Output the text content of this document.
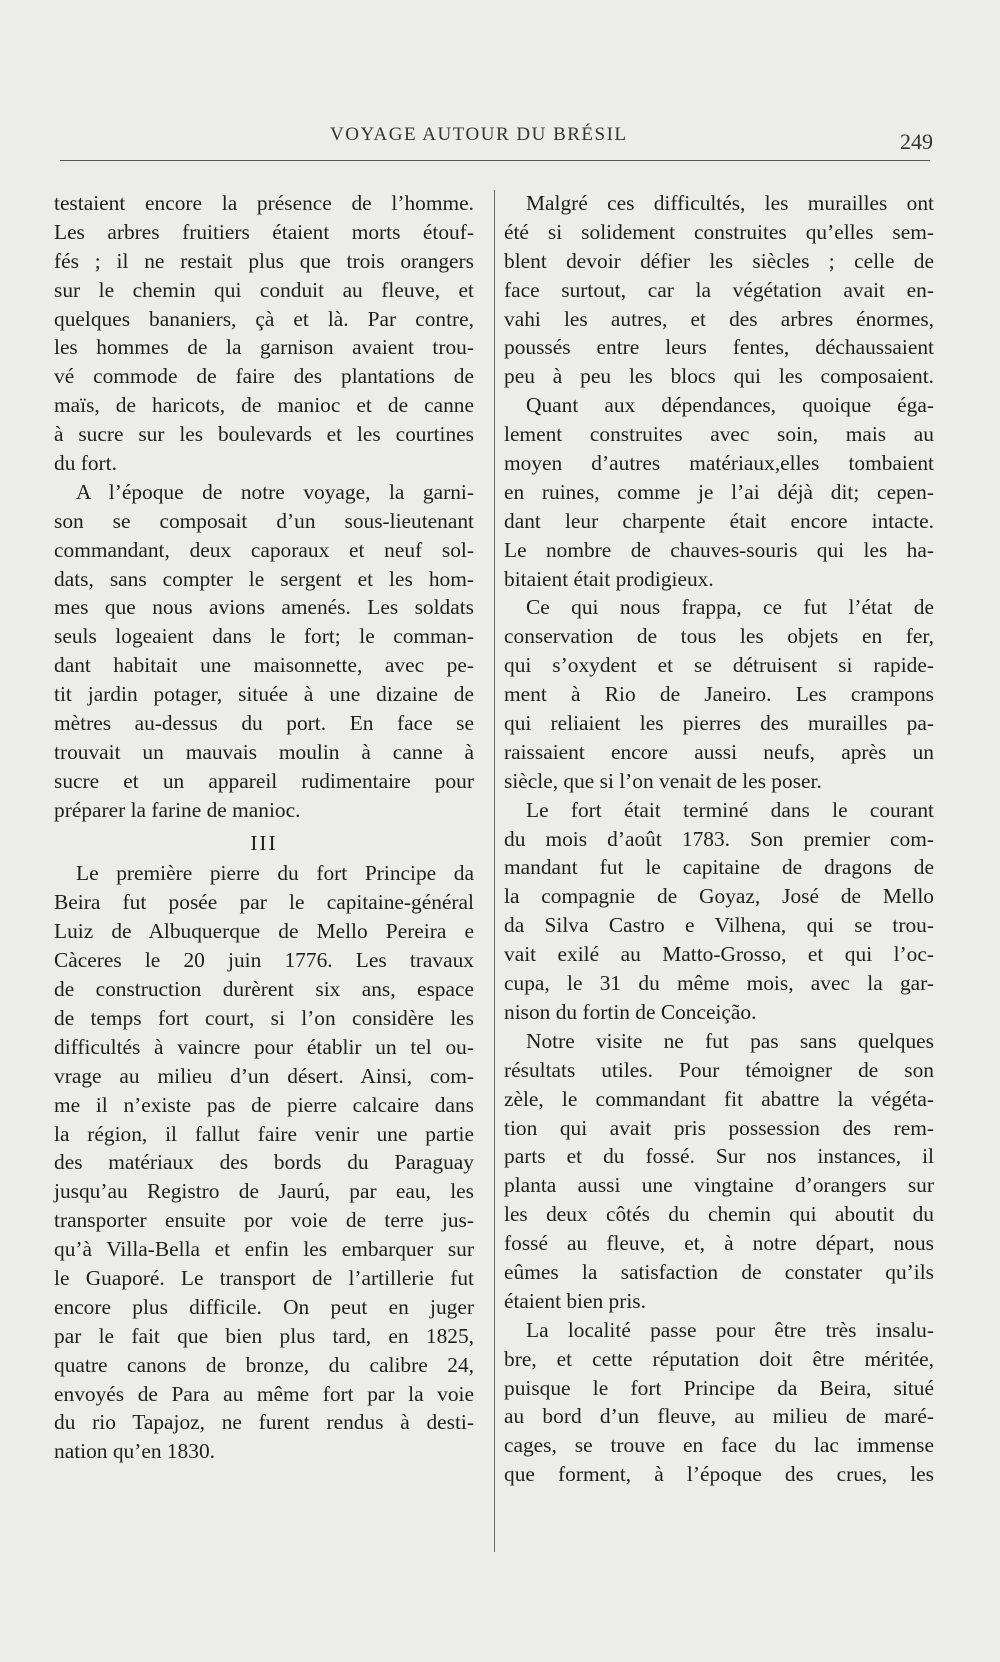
VOYAGE AUTOUR DU BRÉSIL	249
testaient encore la présence de l’homme.
Les arbres fruitiers étaient morts étouf-
fés ; il ne restait plus que trois orangers
sur le chemin qui conduit au fleuve, et
quelques bananiers, çà et là. Par contre,
les hommes de la garnison avaient trou-
vé commode de faire des plantations de
maïs, de haricots, de manioc et de canne
à sucre sur les boulevards et les courtines
du fort.
A l’époque de notre voyage, la garni-
son se composait d’un sous-lieutenant
commandant, deux caporaux et neuf sol-
dats, sans compter le sergent et les hom-
mes que nous avions amenés. Les soldats
seuls logeaient dans le fort; le comman-
dant habitait une maisonnette, avec pe-
tit jardin potager, située à une dizaine de
mètres au-dessus du port. En face se
trouvait un mauvais moulin à canne à
sucre et un appareil rudimentaire pour
préparer la farine de manioc.
III
Le première pierre du fort Principe da
Beira fut posée par le capitaine-général
Luiz de Albuquerque de Mello Pereira e
Càceres le 20 juin 1776. Les travaux
de construction durèrent six ans, espace
de temps fort court, si l’on considère les
difficultés à vaincre pour établir un tel ou-
vrage au milieu d’un désert. Ainsi, com-
me il n’existe pas de pierre calcaire dans
la région, il fallut faire venir une partie
des matériaux des bords du Paraguay
jusqu’au Registro de Jaurú, par eau, les
transporter ensuite por voie de terre jus-
qu’à Villa-Bella et enfin les embarquer sur
le Guaporé. Le transport de l’artillerie fut
encore plus difficile. On peut en juger
par le fait que bien plus tard, en 1825,
quatre canons de bronze, du calibre 24,
envoyés de Para au même fort par la voie
du rio Tapajoz, ne furent rendus à desti-
nation qu’en 1830.
Malgré ces difficultés, les murailles ont
été si solidement construites qu’elles sem-
blent devoir défier les siècles ; celle de
face surtout, car la végétation avait en-
vahi les autres, et des arbres énormes,
poussés entre leurs fentes, déchaussaient
peu à peu les blocs qui les composaient.
Quant aux dépendances, quoique éga-
lement construites avec soin, mais au
moyen d’autres matériaux,elles tombaient
en ruines, comme je l’ai déjà dit; cepen-
dant leur charpente était encore intacte.
Le nombre de chauves-souris qui les ha-
bitaient était prodigieux.
Ce qui nous frappa, ce fut l’état de
conservation de tous les objets en fer,
qui s’oxydent et se détruisent si rapide-
ment à Rio de Janeiro. Les crampons
qui reliaient les pierres des murailles pa-
raissaient encore aussi neufs, après un
siècle, que si l’on venait de les poser.
Le fort était terminé dans le courant
du mois d’août 1783. Son premier com-
mandant fut le capitaine de dragons de
la compagnie de Goyaz, José de Mello
da Silva Castro e Vilhena, qui se trou-
vait exilé au Matto-Grosso, et qui l’oc-
cupa, le 31 du même mois, avec la gar-
nison du fortin de Conceição.
Notre visite ne fut pas sans quelques
résultats utiles. Pour témoigner de son
zèle, le commandant fit abattre la végéta-
tion qui avait pris possession des rem-
parts et du fossé. Sur nos instances, il
planta aussi une vingtaine d’orangers sur
les deux côtés du chemin qui aboutit du
fossé au fleuve, et, à notre départ, nous
eûmes la satisfaction de constater qu’ils
étaient bien pris.
La localité passe pour être très insalu-
bre, et cette réputation doit être méritée,
puisque le fort Principe da Beira, situé
au bord d’un fleuve, au milieu de maré-
cages, se trouve en face du lac immense
que forment, à l’époque des crues, les
